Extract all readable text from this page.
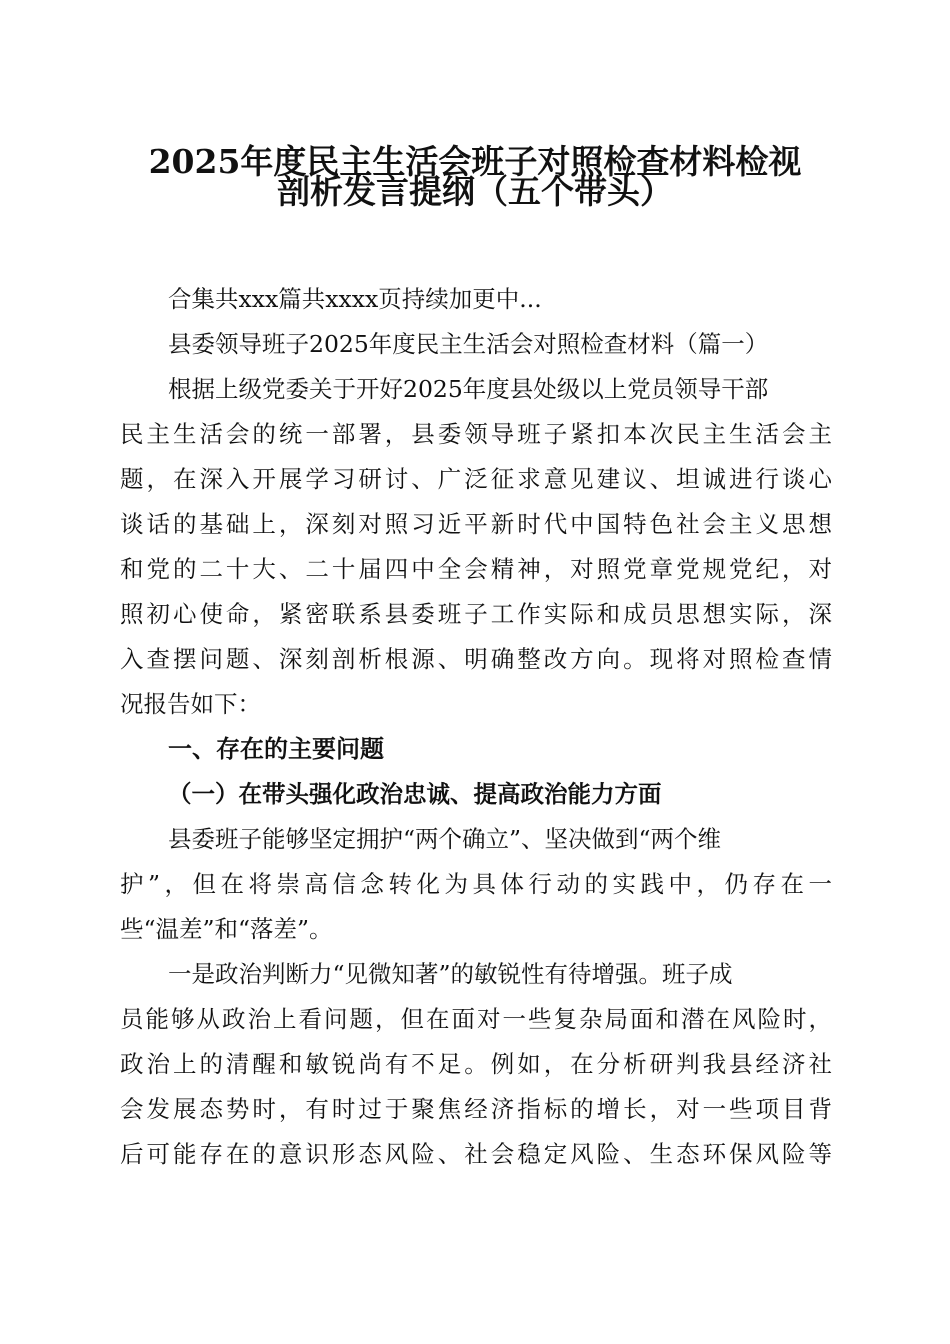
2025年度民主生活会班子对照检查材料检视
剖析发言提纲（五个带头）
合集共xxx篇共xxxx页持续加更中...
县委领导班子2025年度民主生活会对照检查材料（篇一）
根据上级党委关于开好2025年度县处级以上党员领导干部
民主生活会的统一部署，县委领导班子紧扣本次民主生活会主
题，在深入开展学习研讨、广泛征求意见建议、坦诚进行谈心
谈话的基础上，深刻对照习近平新时代中国特色社会主义思想
和党的二十大、二十届四中全会精神，对照党章党规党纪，对
照初心使命，紧密联系县委班子工作实际和成员思想实际，深
入查摆问题、深刻剖析根源、明确整改方向。现将对照检查情
况报告如下：
一、存在的主要问题
（一）在带头强化政治忠诚、提高政治能力方面
县委班子能够坚定拥护“两个确立”、坚决做到“两个维
护”，但在将崇高信念转化为具体行动的实践中，仍存在一
些“温差”和“落差”。
一是政治判断力“见微知著”的敏锐性有待增强。班子成
员能够从政治上看问题，但在面对一些复杂局面和潜在风险时，
政治上的清醒和敏锐尚有不足。例如，在分析研判我县经济社
会发展态势时，有时过于聚焦经济指标的增长，对一些项目背
后可能存在的意识形态风险、社会稳定风险、生态环保风险等
